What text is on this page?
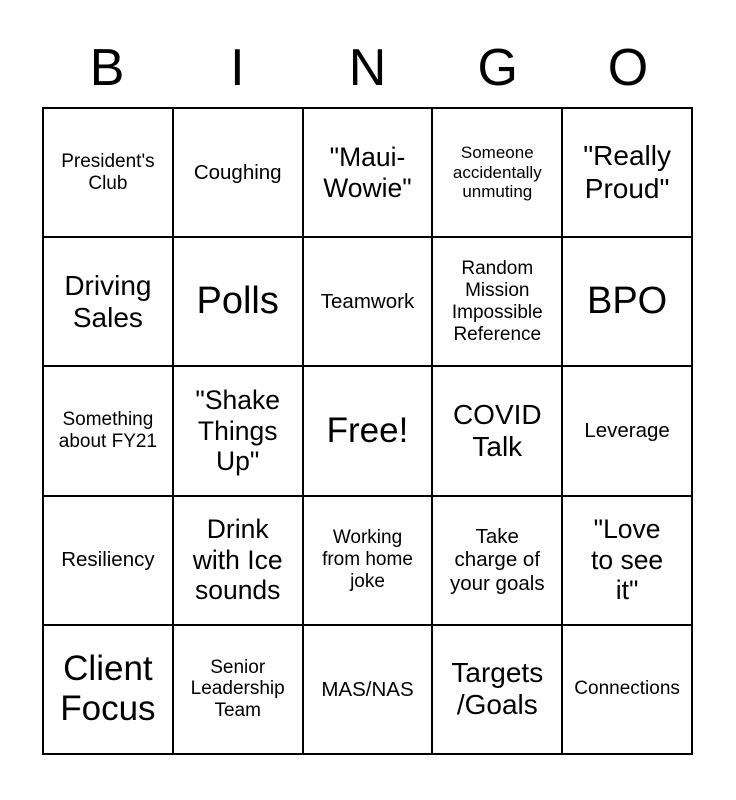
B	I	N	G	O
President's Club	Coughing	"Maui-Wowie"	Someone accidentally unmuting	"Really Proud"
Driving Sales	Polls	Teamwork	Random Mission Impossible Reference	BPO
Something about FY21	"Shake Things Up"	Free!	COVID Talk	Leverage
Resiliency	Drink with Ice sounds	Working from home joke	Take charge of your goals	"Love to see it"
Client Focus	Senior Leadership Team	MAS/NAS	Targets /Goals	Connections
